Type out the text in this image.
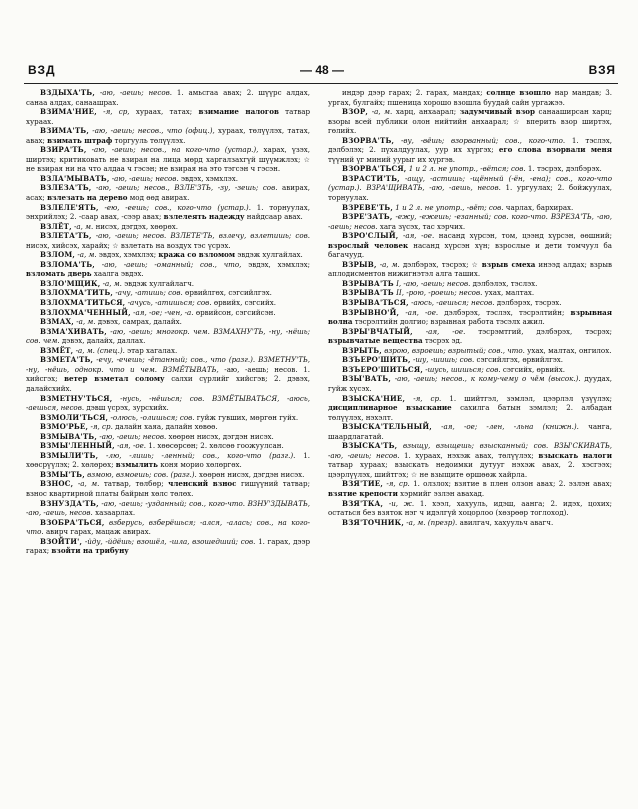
ВЗД	— 48 —	ВЗЯ
ВЗДЫХА'ТЬ, -аю, -аешь; несов. 1. амьсгаа авах; 2. шүүрс алдах, санаа алдах, санаашрах.
ВЗИМА'НИЕ, -я, ср, хураах, татах; взимание налогов татвар хураах.
ВЗИМА'ТЬ, -аю, -аешь; несов., что (офиц.), хураах, төлүүлэх, татах, авах; взимать штраф торгууль төлүүлэх.
ВЗИРА'ТЬ, -аю, -аешь; несов., на кого-что (устар.), харах, үзэх, ширтэх; критиковать не взирая на лица мөрд харгалзахгүй шүүмжлэх; ☆ не взирая ни на что алдаа ч гэсэн; не взирая на это тэгсэн ч гэсэн.
ВЗЛА'МЫВАТЬ, -аю, -аешь; несов. эвдэх, хэмхлэх.
ВЗЛЕЗА'ТЬ, -аю, -аешь; несов., ВЗЛЕ'ЗТЬ, -зу, -зешь; сов. авирах, асах; взлезать на дерево мод өөд авирах.
ВЗЛЕЛЕ'ЯТЬ, -ею, -еешь; сов., кого-что (устар.). 1. торнуулах, энхрийлэх; 2. -саар авах, -сээр авах; взлелеять надежду найдсаар авах.
ВЗЛЁТ, -а, м. нисэх, дэгдэх, хөөрөх.
ВЗЛЕТА'ТЬ, -аю, -аешь; несов. ВЗЛЕТЕ'ТЬ, взлечу, взлетишь; сов. нисэх, хийсэх, харайх; ☆ взлетать на воздух тэс үсрэх.
ВЗЛОМ, -а, м. эвдэх, хэмхлэх; кража со взломом эвдэж хулгайлах.
ВЗЛОМА'ТЬ, -аю, -аешь; -оманный; сов., что, эвдэх, хэмхлэх; взломать дверь хаалга эвдэх.
ВЗЛО'МЩИК, -а, м. эвдэж хулгайлагч.
ВЗЛОХМА'ТИТЬ, -ачу, -атишь; сов. өрвийлгөх, сэгсийлгэх.
ВЗЛОХМА'ТИТЬСЯ, -ачусь, -атишься; сов. өрвийх, сэгсийх.
ВЗЛОХМА'ЧЕННЫЙ, -ая, -ое; -чен, -а. өрвийсон, сэгсийсэн.
ВЗМАХ, -а, м. дэвэх, самрах, далайх.
ВЗМА'ХИВАТЬ, -аю, -аешь; многокр. чем. ВЗМАХНУ'ТЬ, -ну, -нёшь; сов. чем. дэвэх, далайх, даллах.
ВЗМЁТ, -а, м. (спец.). этар хагалах.
ВЗМЕТА'ТЬ, -ечу, -ечешь; -ётанный; сов., что (разг.). ВЗМЕТНУ'ТЬ, -ну, -нёшь, однокр. что и чем. ВЗМЁТЫВАТЬ, -аю, -аешь; несов. 1. хийсгэх; ветер взметал солому салхи сүрлийг хийсгэв; 2. дэвэх, далайсхийх.
ВЗМЕТНУ'ТЬСЯ, -нусь, -нёшься; сов. ВЗМЁТЫВАТЬСЯ, -аюсь, -аешься, несов. дэвш үсрэх, зурсхийх.
ВЗМОЛИ'ТЬСЯ, -олюсь, -олишься; сов. гуйж гувших, мөргөн гуйх.
ВЗМО'РЬЕ, -я, ср. далайн хаяа, далайн хөвөө.
ВЗМЫВА'ТЬ, -аю, -аешь; несов. хөөрөн нисэх, дэгдэн нисэх.
ВЗМЫ'ЛЕННЫЙ, -ая, -ое. 1. хөөсөрсөн; 2. хөлсөө гоожуулсан.
ВЗМЫЛИ'ТЬ, -лю, -лишь; -ленный; сов., кого-что (разг.). 1. хөөсрүүлэх; 2. хөлөрөх; взмылить коня морио хөлөргөх.
ВЗМЫ'ТЬ, взмою, взмоешь; сов. (разг.). хөөрөн нисэх, дэгдэн нисэх.
ВЗНОС, -а, м. татвар, төлбөр; членский взнос гишүүний татвар; взнос квартирной платы байрын хөлс төлөх.
ВЗНУЗДА'ТЬ, -аю, -аешь; -узданный; сов., кого-что. ВЗНУ'ЗДЫВАТЬ, -аю, -аешь, несов. хазаарлах.
ВЗОБРА'ТЬСЯ, взберусь, взберёшься; -ался, -алась; сов., на кого-что. авирч гарах, мацаж авирах.
ВЗОЙТИ', -йду, -йдёшь; взошёл, -шла, взошедший; сов. 1. гарах, дээр гарах; взойти на трибуну
индэр дээр гарах; 2. гарах, мандах; солнце взошло нар мандав; 3. ургах, булгайх; пшеница хорошо взошла буудай сайн ургажээ.
ВЗОР, -а, м. харц, анхаарал; задумчивый взор санааширсан харц; взоры всей публики олон нийтийн анхаарал; ☆ вперить взор ширтэх, гөлийх.
ВЗОРВА'ТЬ, -ву, -вёшь; взорванный; сов., кого-что. 1. тэслэх, дэлбэлэх; 2. пүхалдуулах, уур их хүргэх; его слова взорвали меня түүний үг миний уурыг их хүргэв.
ВЗОРВА'ТЬСЯ, 1 и 2 л. не употр., -вётся; сов. 1. тэсрэх, дэлбэрэх.
ВЗРАСТИ'ТЬ, -ащу, -астишь; -щённый (-ён, -ена); сов., кого-что (устар.). ВЗРА'ЩИВАТЬ, -аю, -аешь, несов. 1. ургуулах; 2. бойжуулах, торнуулах.
ВЗРЕВЕ'ТЬ, 1 и 2 л. не употр., -вёт; сов. чарлах, бархирах.
ВЗРЕ'ЗАТЬ, -ежу, -ежешь; -езанный; сов. кого-что. ВЗРЕЗА'ТЬ, -аю, -аешь; несов. хага зүсэх, тас хэрчих.
ВЗРО'СЛЫЙ, -ая, -ое. насанд хүрсэн, том, цээнд хүрсэн, өөшний; взрослый человек насанд хүрсэн хүн; взрослые и дети томчуул ба багачууд.
ВЗРЫВ, -а, м. дэлбэрэх, тэсрэх; ☆ взрыв смеха инээд алдах; взрыв аплодисментов нижигнэтэл алга таших.
ВЗРЫВА'ТЬ I, -аю, -аешь; несов. дэлбэлэх, тэслэх.
ВЗРЫВА'ТЬ II, -рою, -роешь; несов. ухах, малтах.
ВЗРЫВА'ТЬСЯ, -аюсь, -аешься; несов. дэлбэрэх, тэсрэх.
ВЗРЫВНО'Й, -ая, -ое. дэлбэрэх, тэслэх, тэсрэлтийн; взрывная волна тэсрэлтийн долгио; взрывная работа тэсэлх ажил.
ВЗРЫ'ВЧАТЫЙ, -ая, -ое. тэсрэмтгий, дэлбэрэх, тэсрэх; взрывчатые вещества тэсрэх эд.
ВЗРЫТЬ, взрою, взроешь; взрытый; сов., что. ухах, малтах, онгилох.
ВЗЪЕРО'ШИТЬ, -шу, -шишь; сов. сэгсийлгэх, өрвийлгэх.
ВЗЪЕРО'ШИТЬСЯ, -шусь, шишься; сов. сэгсийх, өрвийх.
ВЗЫ'ВАТЬ, -аю, -аешь; несов., к кому-чему о чём (высок.). дуудах, гуйж хүсэх.
ВЗЫСКА'НИЕ, -я, ср. 1. шийтгэл, зэмлэл, цээрлэл үзүүлэх; дисциплинарное взыскание сахилга батын зэмлэл; 2. албадан төлүүлэх, нэхэлт.
ВЗЫСКА'ТЕЛЬНЫЙ, -ая, -ое; -лен, -льна (книжн.). чанга, шаардлагатай.
ВЗЫСКА'ТЬ, взыщу, взыщешь; взысканный; сов. ВЗЫ'СКИВАТЬ, -аю, -аешь; несов. 1. хураах, нэхэж авах, төлүүлэх; взыскать налоги татвар хураах; взыскать недоимки дутууг нэхэж авах, 2. хэсгээх; цээрлүүлэх, шийтгэх; ☆ не взыщите өршөөж хайрла.
ВЗЯ'ТИЕ, -я, ср. 1. олзлох; взятие в плен олзон авах; 2. эзлэн авах; взятие крепости хэрмийг эзлэн авахад.
ВЗЯ'ТКА, -и, ж. 1. хээл, хахууль, идэш, аанга; 2. идэх, цохих; остаться без взяток нэг ч идэлгүй хоцорлоо (хөзрөөр тоглоход).
ВЗЯ'ТОЧНИК, -а, м. (презр). авилгач, хахуульч авагч.
